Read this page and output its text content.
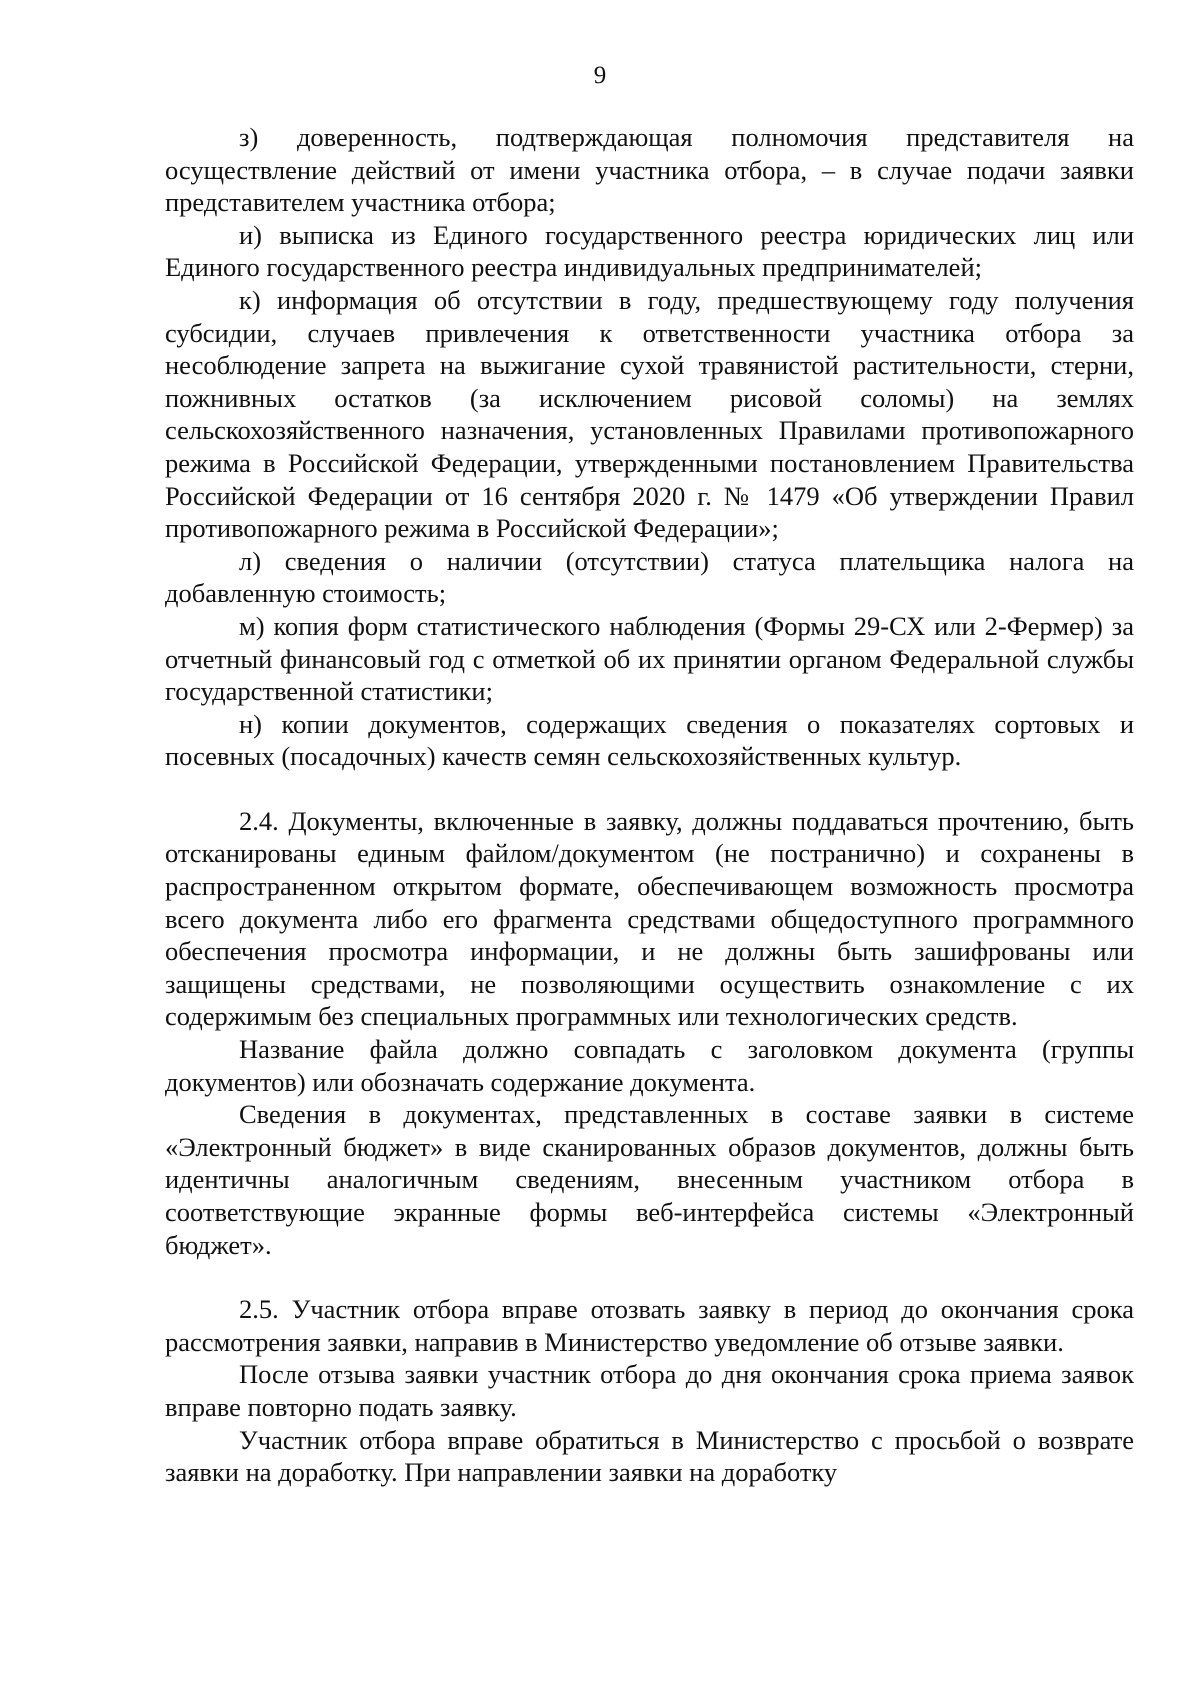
9

з) доверенность, подтверждающая полномочия представителя на осуществление действий от имени участника отбора, – в случае подачи заявки представителем участника отбора;

и) выписка из Единого государственного реестра юридических лиц или Единого государственного реестра индивидуальных предпринимателей;

к) информация об отсутствии в году, предшествующему году получения субсидии, случаев привлечения к ответственности участника отбора за несоблюдение запрета на выжигание сухой травянистой растительности, стерни, пожнивных остатков (за исключением рисовой соломы) на землях сельскохозяйственного назначения, установленных Правилами противопожарного режима в Российской Федерации, утвержденными постановлением Правительства Российской Федерации от 16 сентября 2020 г. № 1479 «Об утверждении Правил противопожарного режима в Российской Федерации»;

л) сведения о наличии (отсутствии) статуса плательщика налога на добавленную стоимость;

м) копия форм статистического наблюдения (Формы 29-СХ или 2-Фермер) за отчетный финансовый год с отметкой об их принятии органом Федеральной службы государственной статистики;

н) копии документов, содержащих сведения о показателях сортовых и посевных (посадочных) качеств семян сельскохозяйственных культур.

2.4. Документы, включенные в заявку, должны поддаваться прочтению, быть отсканированы единым файлом/документом (не постранично) и сохранены в распространенном открытом формате, обеспечивающем возможность просмотра всего документа либо его фрагмента средствами общедоступного программного обеспечения просмотра информации, и не должны быть зашифрованы или защищены средствами, не позволяющими осуществить ознакомление с их содержимым без специальных программных или технологических средств.

Название файла должно совпадать с заголовком документа (группы документов) или обозначать содержание документа.

Сведения в документах, представленных в составе заявки в системе «Электронный бюджет» в виде сканированных образов документов, должны быть идентичны аналогичным сведениям, внесенным участником отбора в соответствующие экранные формы веб-интерфейса системы «Электронный бюджет».

2.5. Участник отбора вправе отозвать заявку в период до окончания срока рассмотрения заявки, направив в Министерство уведомление об отзыве заявки.

После отзыва заявки участник отбора до дня окончания срока приема заявок вправе повторно подать заявку.

Участник отбора вправе обратиться в Министерство с просьбой о возврате заявки на доработку. При направлении заявки на доработку
